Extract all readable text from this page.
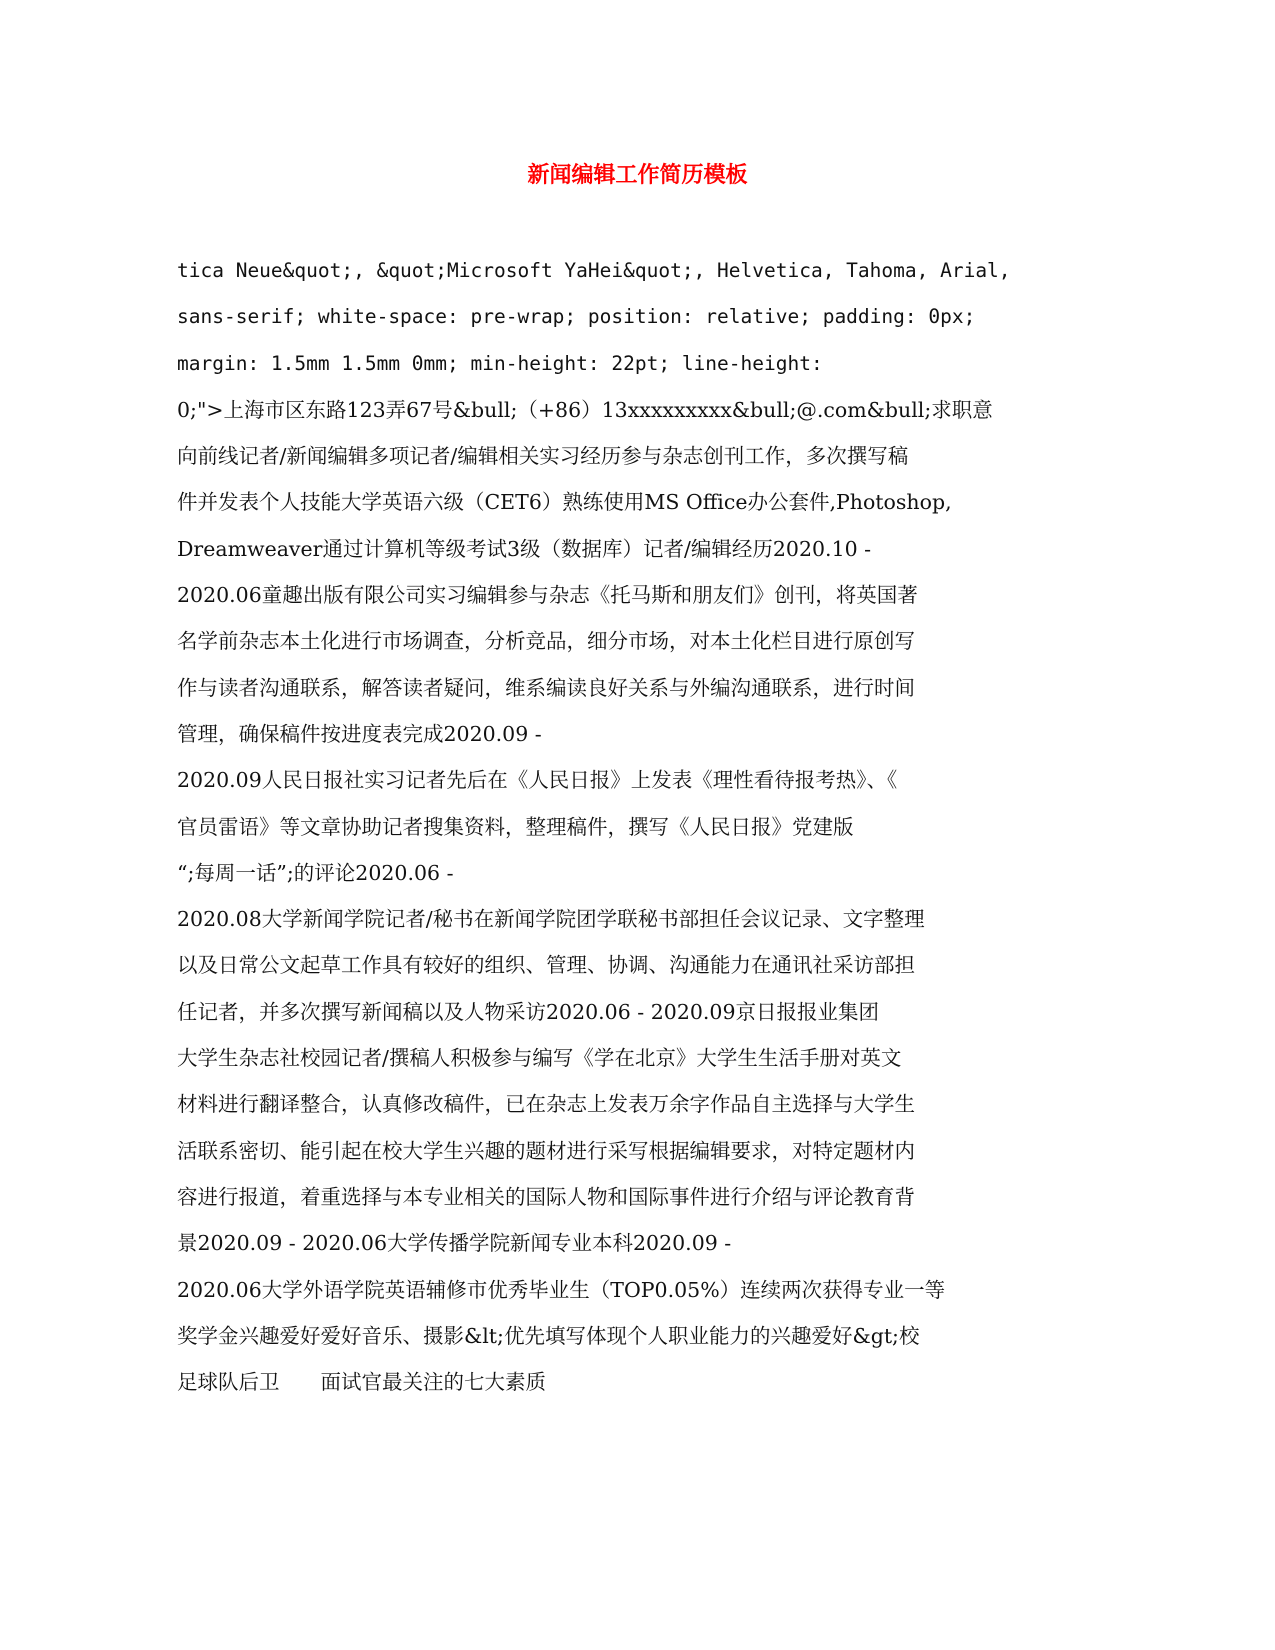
新闻编辑工作简历模板
tica Neue&quot;, &quot;Microsoft YaHei&quot;, Helvetica, Tahoma, Arial,
sans-serif; white-space: pre-wrap; position: relative; padding: 0px;
margin: 1.5mm 1.5mm 0mm; min-height: 22pt; line-height:
0;">上海市区东路123弄67号&bull;（+86）13xxxxxxxxx&bull;@.com&bull;求职意
向前线记者/新闻编辑多项记者/编辑相关实习经历参与杂志创刊工作，多次撰写稿
件并发表个人技能大学英语六级（CET6）熟练使用MS Office办公套件,Photoshop,
Dreamweaver通过计算机等级考试3级（数据库）记者/编辑经历2020.10 -
2020.06童趣出版有限公司实习编辑参与杂志《托马斯和朋友们》创刊，将英国著
名学前杂志本土化进行市场调查，分析竞品，细分市场，对本土化栏目进行原创写
作与读者沟通联系，解答读者疑问，维系编读良好关系与外编沟通联系，进行时间
管理，确保稿件按进度表完成2020.09 -
2020.09人民日报社实习记者先后在《人民日报》上发表《理性看待报考热》、《
官员雷语》等文章协助记者搜集资料，整理稿件，撰写《人民日报》党建版
“;每周一话”;的评论2020.06 -
2020.08大学新闻学院记者/秘书在新闻学院团学联秘书部担任会议记录、文字整理
以及日常公文起草工作具有较好的组织、管理、协调、沟通能力在通讯社采访部担
任记者，并多次撰写新闻稿以及人物采访2020.06 - 2020.09京日报报业集团
大学生杂志社校园记者/撰稿人积极参与编写《学在北京》大学生生活手册对英文
材料进行翻译整合，认真修改稿件，已在杂志上发表万余字作品自主选择与大学生
活联系密切、能引起在校大学生兴趣的题材进行采写根据编辑要求，对特定题材内
容进行报道，着重选择与本专业相关的国际人物和国际事件进行介绍与评论教育背
景2020.09 - 2020.06大学传播学院新闻专业本科2020.09 -
2020.06大学外语学院英语辅修市优秀毕业生（TOP0.05%）连续两次获得专业一等
奖学金兴趣爱好爱好音乐、摄影&lt;优先填写体现个人职业能力的兴趣爱好&gt;校
足球队后卫　　面试官最关注的七大素质
